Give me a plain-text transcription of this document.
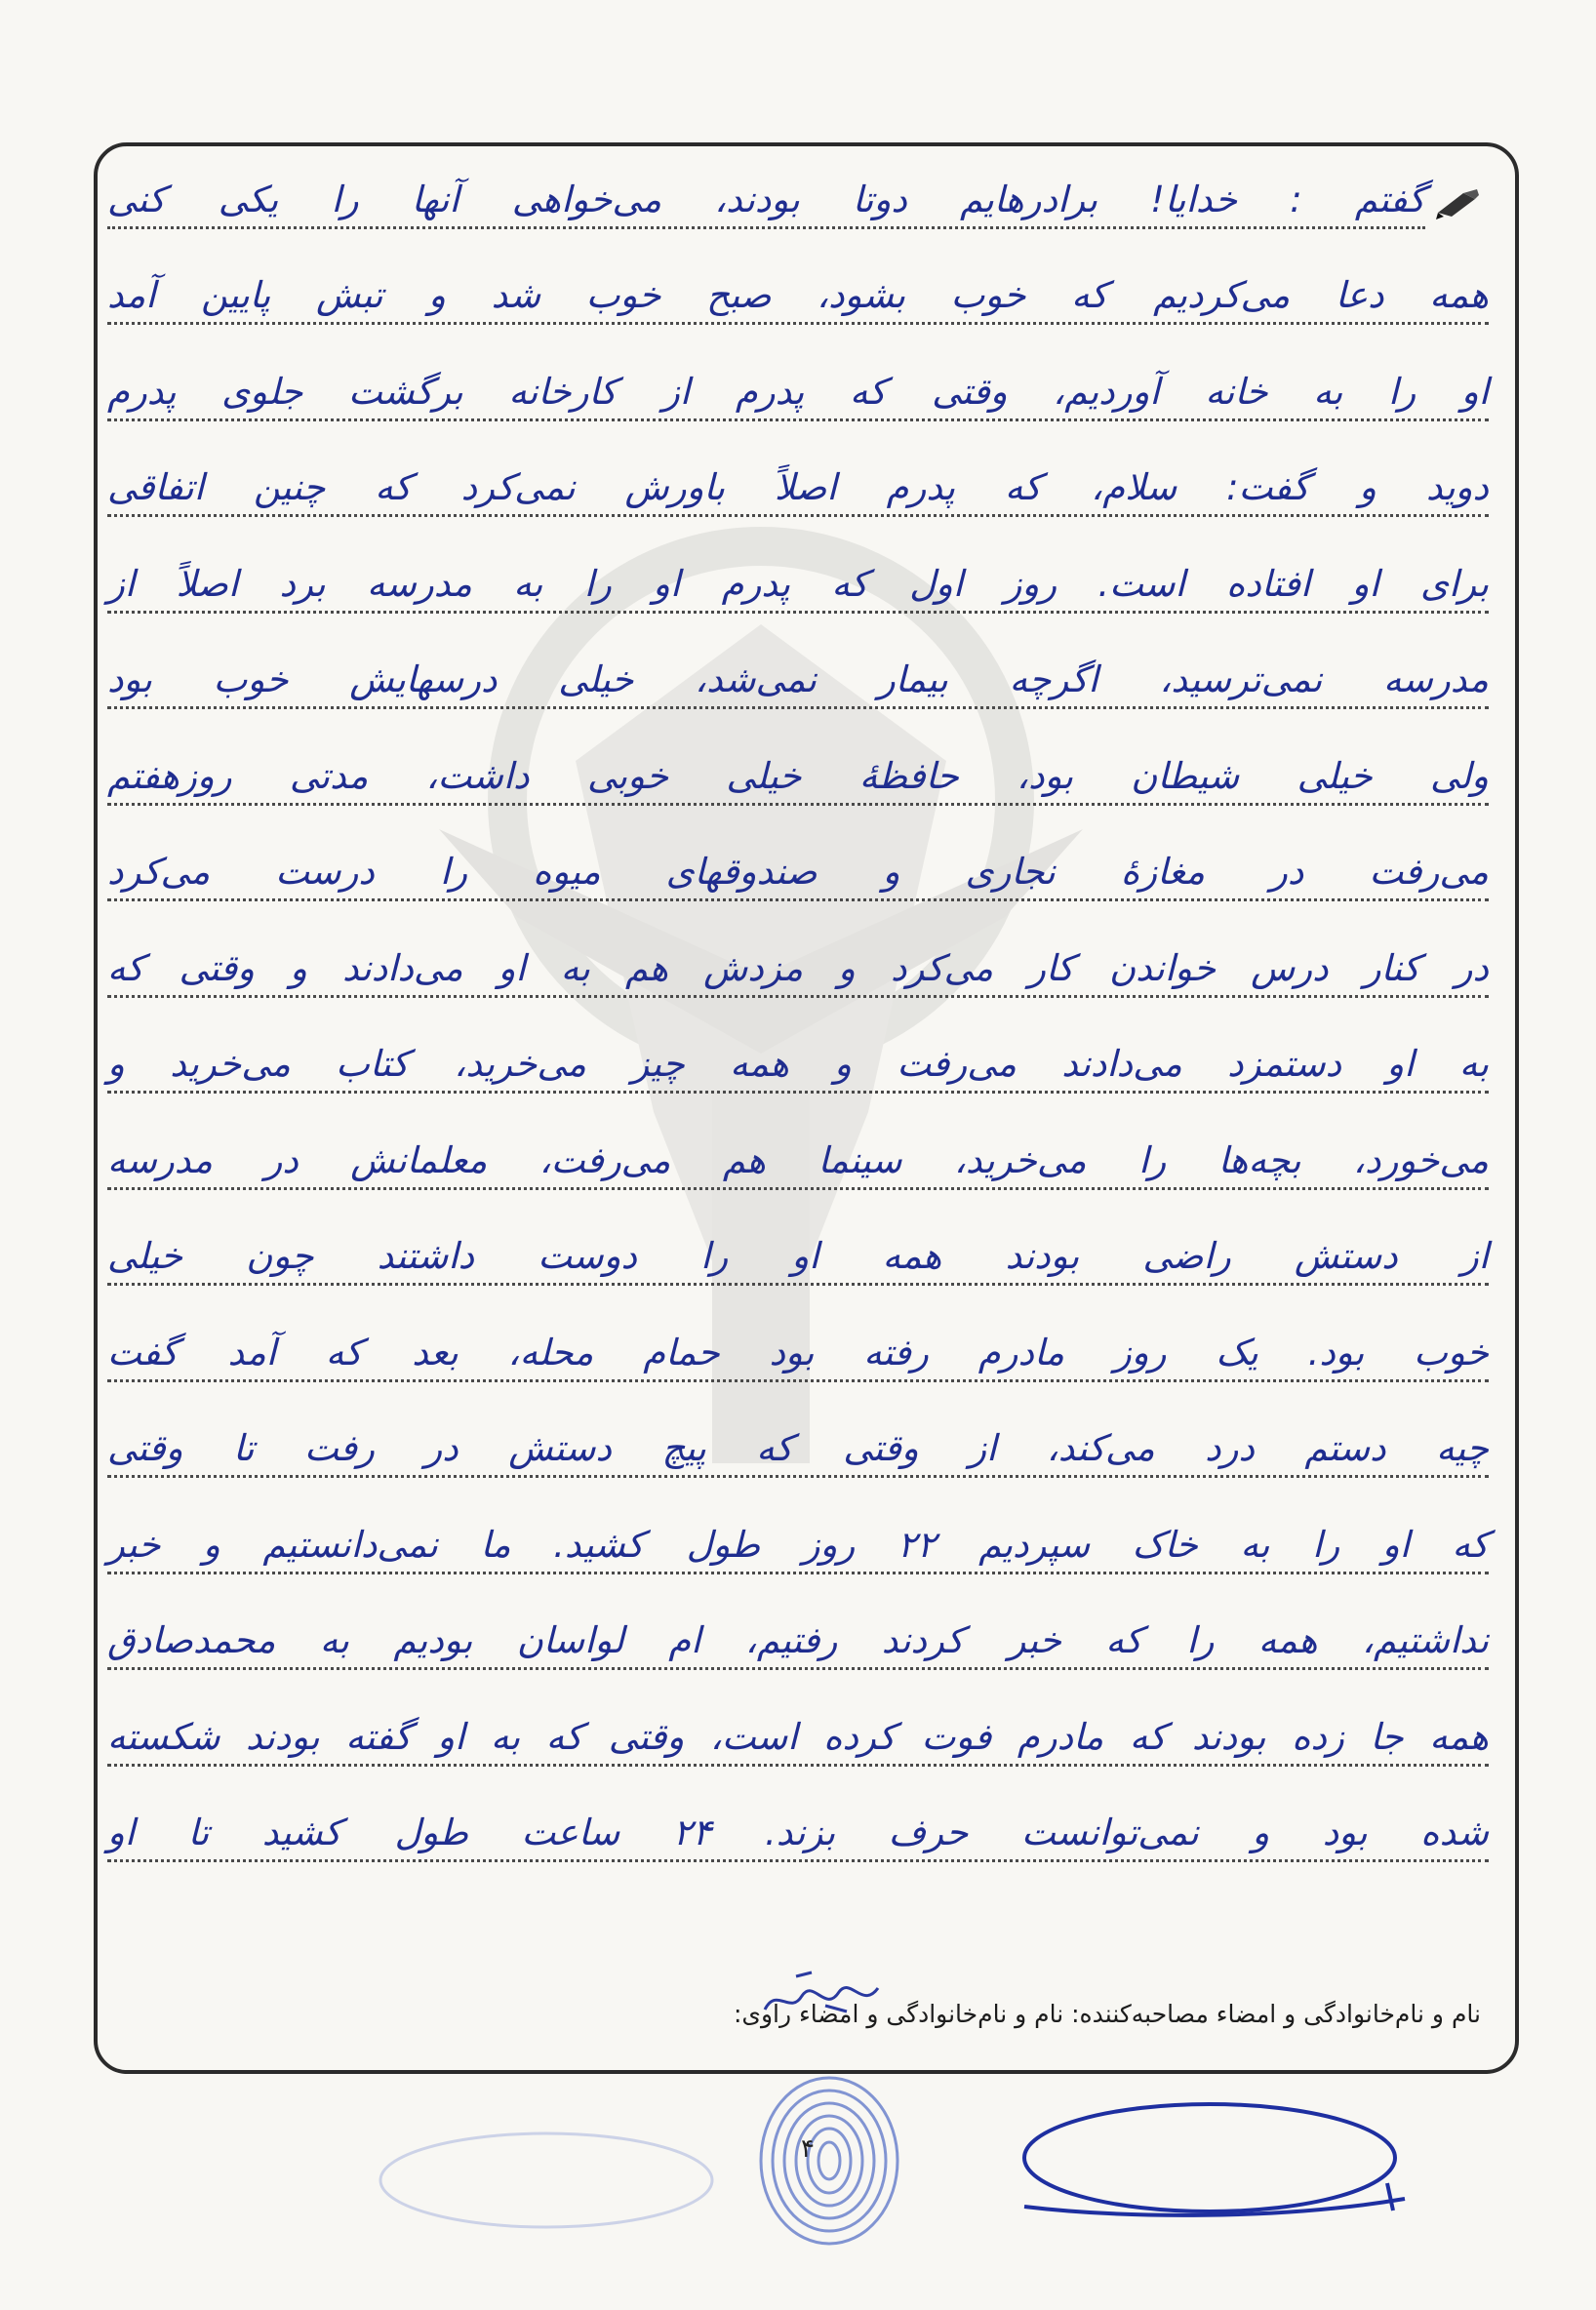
گفتم : خدایا! برادرهایم دوتا بودند، می‌خواهی آنها را یکی کنی
همه دعا می‌کردیم که خوب بشود، صبح خوب شد و تبش پایین آمد
او را به خانه آوردیم، وقتی که پدرم از کارخانه برگشت جلوی پدرم
دوید و گفت: سلام، که پدرم اصلاً باورش نمی‌کرد که چنین اتفاقی
برای او افتاده است. روز اول که پدرم او را به مدرسه برد اصلاً از
مدرسه نمی‌ترسید، اگرچه بیمار نمی‌شد، خیلی درسهایش خوب بود
ولی خیلی شیطان بود، حافظهٔ خیلی خوبی داشت، مدتی روزهفتم
می‌رفت در مغازهٔ نجاری و صندوقهای میوه را درست می‌کرد
در کنار درس خواندن کار می‌کرد و مزدش هم به او می‌دادند و وقتی که
به او دستمزد می‌دادند می‌رفت و همه چیز می‌خرید، کتاب می‌خرید و
می‌خورد، بچه‌ها را می‌خرید، سینما هم می‌رفت، معلمانش در مدرسه
از دستش راضی بودند همه او را دوست داشتند چون خیلی
خوب بود. یک روز مادرم رفته بود حمام محله، بعد که آمد گفت
چیه دستم درد می‌کند، از وقتی که پیچ دستش در رفت تا وقتی
که او را به خاک سپردیم ۲۲ روز طول کشید. ما نمی‌دانستیم و خبر
نداشتیم، همه را که خبر کردند رفتیم، ام لواسان بودیم به محمدصادق
همه جا زده بودند که مادرم فوت کرده است، وقتی که به او گفته بودند شکسته
شده بود و نمی‌توانست حرف بزند. ۲۴ ساعت طول کشید تا او
نام و نام‌خانوادگی و امضاء مصاحبه‌کننده: نام و نام‌خانوادگی و امضاء راوی:
۴
